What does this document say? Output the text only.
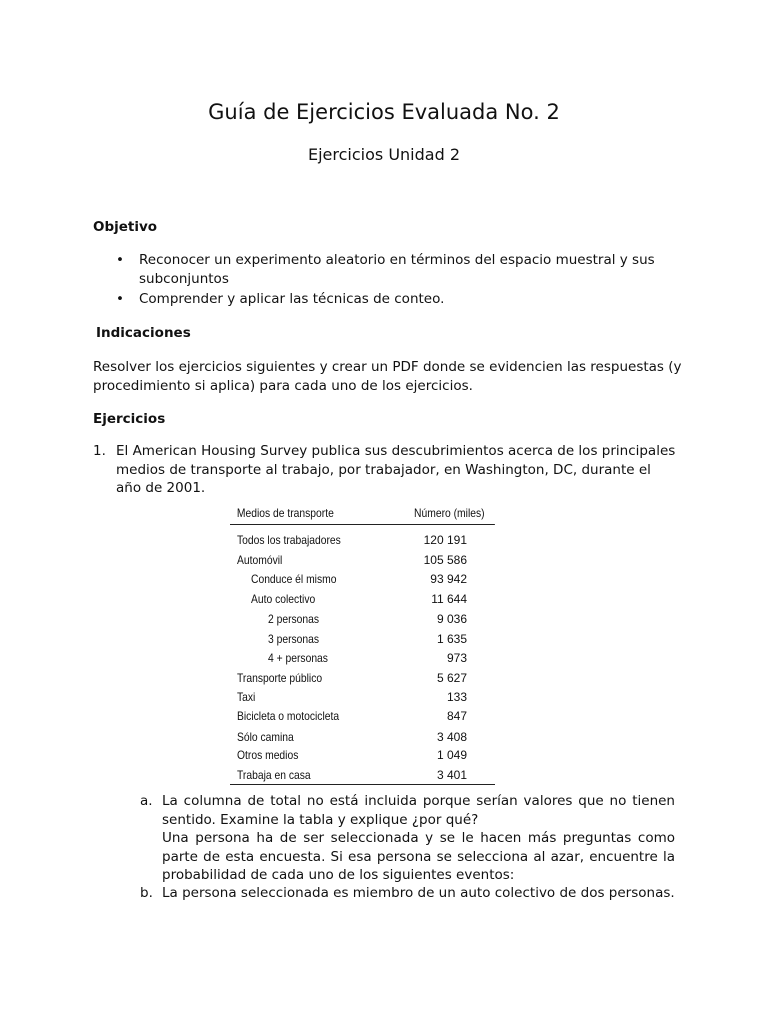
Guía de Ejercicios Evaluada No. 2
Ejercicios Unidad 2
Objetivo
• Reconocer un experimento aleatorio en términos del espacio muestral y sus subconjuntos
• Comprender y aplicar las técnicas de conteo.
Indicaciones
Resolver los ejercicios siguientes y crear un PDF donde se evidencien las respuestas (y procedimiento si aplica) para cada uno de los ejercicios.
Ejercicios
1. El American Housing Survey publica sus descubrimientos acerca de los principales medios de transporte al trabajo, por trabajador, en Washington, DC, durante el año de 2001.
Medios de transporte	Número (miles)
Todos los trabajadores	120 191
Automóvil	105 586
Conduce él mismo	93 942
Auto colectivo	11 644
2 personas	9 036
3 personas	1 635
4 + personas	973
Transporte público	5 627
Taxi	133
Bicicleta o motocicleta	847
Sólo camina	3 408
Otros medios	1 049
Trabaja en casa	3 401
a. La columna de total no está incluida porque serían valores que no tienen sentido. Examine la tabla y explique ¿por qué?
Una persona ha de ser seleccionada y se le hacen más preguntas como parte de esta encuesta. Si esa persona se selecciona al azar, encuentre la probabilidad de cada uno de los siguientes eventos:
b. La persona seleccionada es miembro de un auto colectivo de dos personas.
